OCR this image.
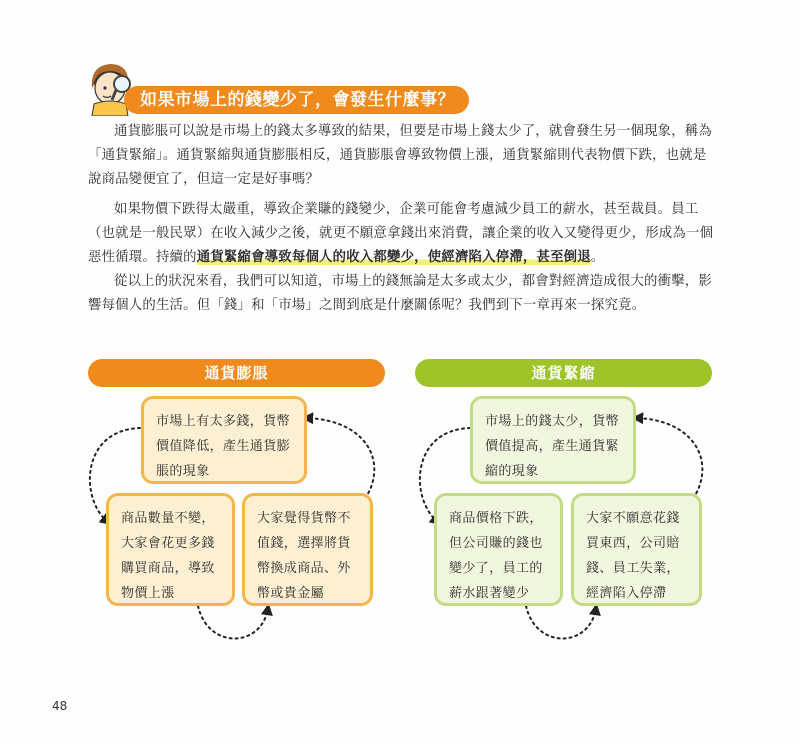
如果市場上的錢變少了，會發生什麼事？

通貨膨脹可以說是市場上的錢太多導致的結果，但要是市場上錢太少了，就會發生另一個現象，稱為「通貨緊縮」。通貨緊縮與通貨膨脹相反，通貨膨脹會導致物價上漲，通貨緊縮則代表物價下跌，也就是說商品變便宜了，但這一定是好事嗎？

如果物價下跌得太嚴重，導致企業賺的錢變少，企業可能會考慮減少員工的薪水，甚至裁員。員工（也就是一般民眾）在收入減少之後，就更不願意拿錢出來消費，讓企業的收入又變得更少，形成為一個惡性循環。持續的通貨緊縮會導致每個人的收入都變少，使經濟陷入停滯，甚至倒退。

從以上的狀況來看，我們可以知道，市場上的錢無論是太多或太少，都會對經濟造成很大的衝擊，影響每個人的生活。但「錢」和「市場」之間到底是什麼關係呢？我們到下一章再來一探究竟。

通貨膨脹
市場上有太多錢，貨幣價值降低，產生通貨膨脹的現象
商品數量不變，大家會花更多錢購買商品，導致物價上漲
大家覺得貨幣不值錢，選擇將貨幣換成商品、外幣或貴金屬
通貨緊縮
市場上的錢太少，貨幣價值提高，產生通貨緊縮的現象
商品價格下跌，但公司賺的錢也變少了，員工的薪水跟著變少
大家不願意花錢買東西，公司賠錢、員工失業，經濟陷入停滯
48
